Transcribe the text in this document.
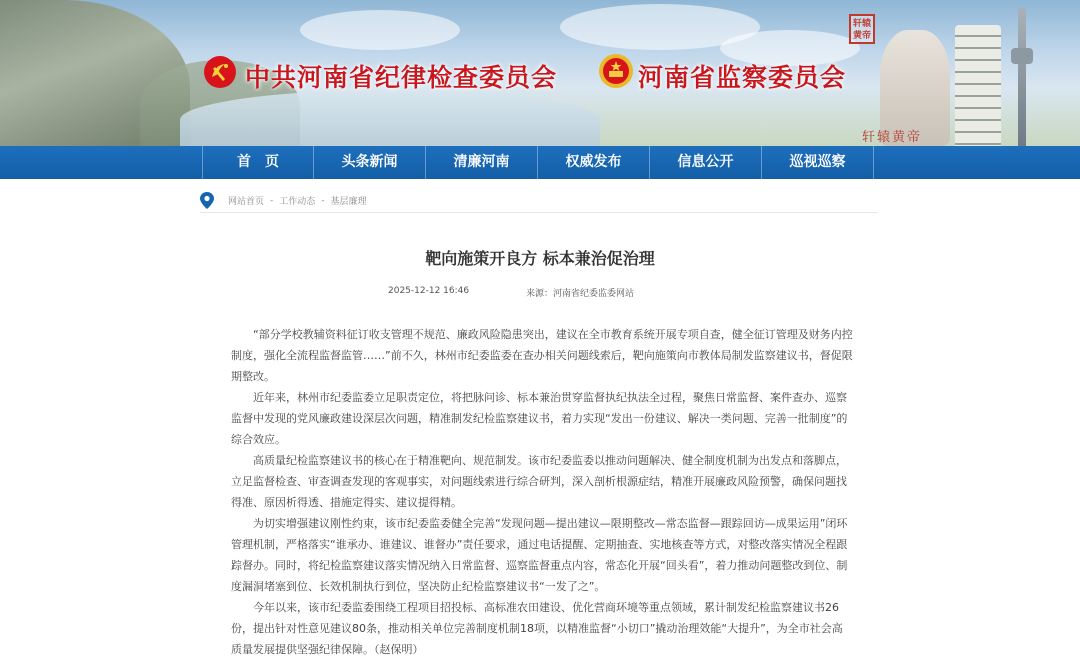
轩辕
黄帝
轩辕黄帝
中共河南省纪律检查委员会	河南省监察委员会
首　页	头条新闻	清廉河南	权威发布	信息公开	巡视巡察
网站首页 - 工作动态 - 基层廉理
靶向施策开良方 标本兼治促治理
2025-12-12 16:46	来源：河南省纪委监委网站

“部分学校教辅资料征订收支管理不规范、廉政风险隐患突出，建议在全市教育系统开展专项自查，健全征订管理及财务内控制度，强化全流程监督监管……”前不久，林州市纪委监委在查办相关问题线索后，靶向施策向市教体局制发监察建议书，督促限期整改。

近年来，林州市纪委监委立足职责定位，将把脉问诊、标本兼治贯穿监督执纪执法全过程，聚焦日常监督、案件查办、巡察监督中发现的党风廉政建设深层次问题，精准制发纪检监察建议书，着力实现“发出一份建议、解决一类问题、完善一批制度”的综合效应。

高质量纪检监察建议书的核心在于精准靶向、规范制发。该市纪委监委以推动问题解决、健全制度机制为出发点和落脚点，立足监督检查、审查调查发现的客观事实，对问题线索进行综合研判，深入剖析根源症结，精准开展廉政风险预警，确保问题找得准、原因析得透、措施定得实、建议提得精。

为切实增强建议刚性约束，该市纪委监委健全完善“发现问题—提出建议—限期整改—常态监督—跟踪回访—成果运用”闭环管理机制，严格落实“谁承办、谁建议、谁督办”责任要求，通过电话提醒、定期抽查、实地核查等方式，对整改落实情况全程跟踪督办。同时，将纪检监察建议落实情况纳入日常监督、巡察监督重点内容，常态化开展“回头看”，着力推动问题整改到位、制度漏洞堵塞到位、长效机制执行到位，坚决防止纪检监察建议书“一发了之”。

今年以来，该市纪委监委围绕工程项目招投标、高标准农田建设、优化营商环境等重点领域，累计制发纪检监察建议书26份，提出针对性意见建议80条，推动相关单位完善制度机制18项，以精准监督“小切口”撬动治理效能“大提升”，为全市社会高质量发展提供坚强纪律保障。（赵保明）
